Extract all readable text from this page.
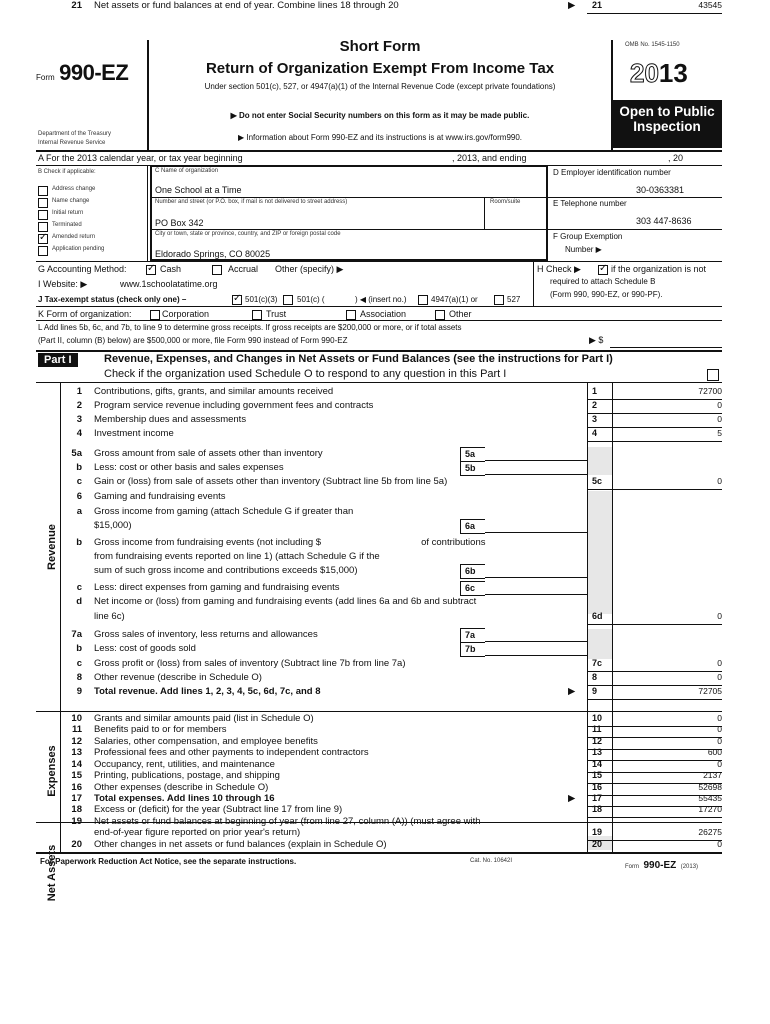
Form 990-EZ
Department of the Treasury
Internal Revenue Service
Short Form
Return of Organization Exempt From Income Tax
Under section 501(c), 527, or 4947(a)(1) of the Internal Revenue Code (except private foundations)
▶ Do not enter Social Security numbers on this form as it may be made public.
▶ Information about Form 990-EZ and its instructions is at www.irs.gov/form990.
OMB No. 1545-1150
2013
Open to Public
Inspection
A For the 2013 calendar year, or tax year beginning	, 2013, and ending	, 20
B Check if applicable:
Address change
Name change
Initial return
Terminated
✓
Amended return
Application pending
C Name of organization
One School at a Time
Number and street (or P.O. box, if mail is not delivered to street address)	Room/suite
PO Box 342
City or town, state or province, country, and ZIP or foreign postal code
Eldorado Springs, CO 80025
D Employer identification number
30-0363381
E Telephone number
303 447-8636
F Group Exemption
Number ▶
G Accounting Method: ✓	Cash	Accrual Other (specify) ▶	H Check ▶ ✓	if the organization is not
required to attach Schedule B
(Form 990, 990-EZ, or 990-PF).
I Website: ▶	www.1schoolatatime.org
J Tax-exempt status (check only one) – ✓	501(c)(3) 501(c) (	) ◀ (insert no.)	4947(a)(1) or	527
K Form of organization:	Corporation	Trust	Association	Other
L Add lines 5b, 6c, and 7b, to line 9 to determine gross receipts. If gross receipts are $200,000 or more, or if total assets
(Part II, column (B) below) are $500,000 or more, file Form 990 instead of Form 990-EZ	▶ $
Part I	Revenue, Expenses, and Changes in Net Assets or Fund Balances (see the instructions for Part I)
Check if the organization used Schedule O to respond to any question in this Part I
Revenue
Expenses
Net Assets
1 Contributions, gifts, grants, and similar amounts received	1	72700
2 Program service revenue including government fees and contracts	2	0
3 Membership dues and assessments	3	0
4 Investment income	4	5
5a Gross amount from sale of assets other than inventory	5a
b Less: cost or other basis and sales expenses	5b
c Gain or (loss) from sale of assets other than inventory (Subtract line 5b from line 5a)	5c	0
6 Gaming and fundraising events
a Gross income from gaming (attach Schedule G if greater than
$15,000)	6a
b Gross income from fundraising events (not including $	of contributions
from fundraising events reported on line 1) (attach Schedule G if the
sum of such gross income and contributions exceeds $15,000)	6b
c Less: direct expenses from gaming and fundraising events	6c
d Net income or (loss) from gaming and fundraising events (add lines 6a and 6b and subtract
line 6c)	6d	0
7a Gross sales of inventory, less returns and allowances	7a
b Less: cost of goods sold	7b
c Gross profit or (loss) from sales of inventory (Subtract line 7b from line 7a)	7c	0
8 Other revenue (describe in Schedule O)	8	0
9 Total revenue. Add lines 1, 2, 3, 4, 5c, 6d, 7c, and 8	▶ 9	72705
10 Grants and similar amounts paid (list in Schedule O)	10	0
11 Benefits paid to or for members	11	0
12 Salaries, other compensation, and employee benefits	12	0
13 Professional fees and other payments to independent contractors	13	600
14 Occupancy, rent, utilities, and maintenance	14	0
15 Printing, publications, postage, and shipping	15	2137
16 Other expenses (describe in Schedule O)	16	52698
17 Total expenses. Add lines 10 through 16	▶ 17	55435
18 Excess or (deficit) for the year (Subtract line 17 from line 9)	18	17270
19 Net assets or fund balances at beginning of year (from line 27, column (A)) (must agree with
end-of-year figure reported on prior year's return)	19	26275
20 Other changes in net assets or fund balances (explain in Schedule O)	20	0
21 Net assets or fund balances at end of year. Combine lines 18 through 20	▶ 21	43545
For Paperwork Reduction Act Notice, see the separate instructions.	Cat. No. 10642I
Form 990-EZ (2013)
